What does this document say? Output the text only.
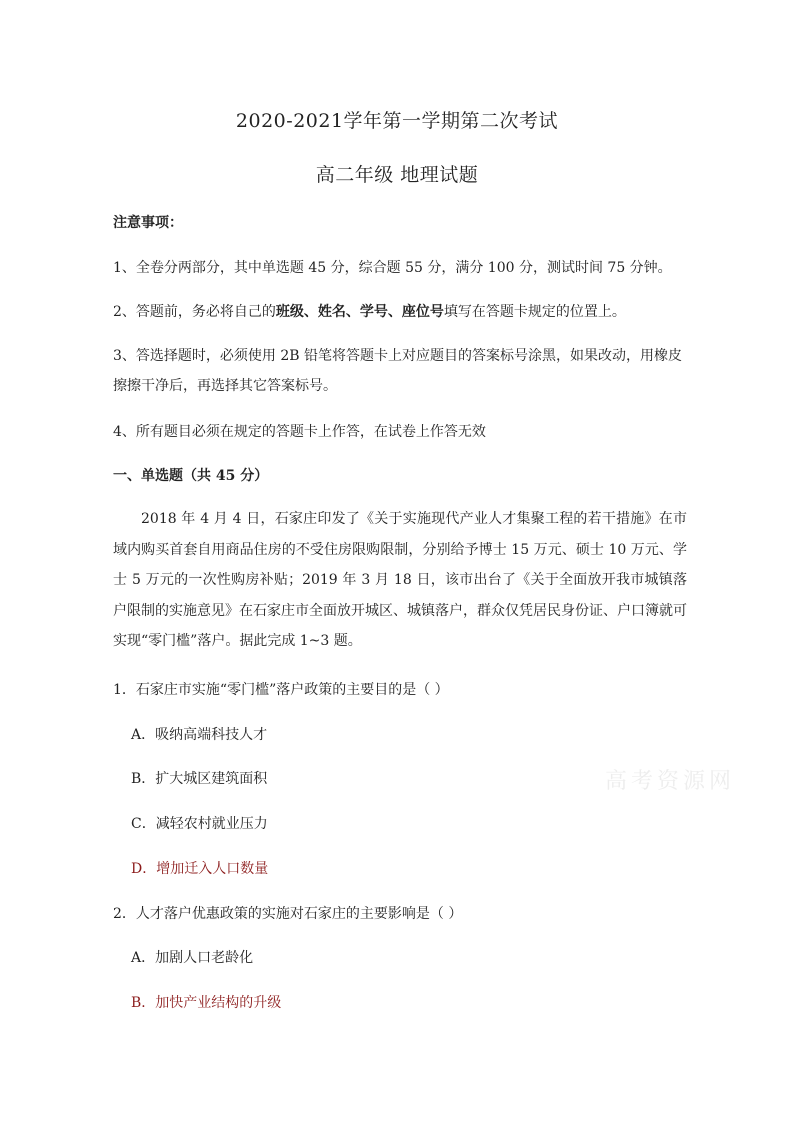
2020-2021学年第一学期第二次考试
高二年级 地理试题
注意事项：
1、全卷分两部分，其中单选题 45 分，综合题 55 分，满分 100 分，测试时间 75 分钟。
2、答题前，务必将自己的班级、姓名、学号、座位号填写在答题卡规定的位置上。
3、答选择题时，必须使用 2B 铅笔将答题卡上对应题目的答案标号涂黑，如果改动，用橡皮擦擦干净后，再选择其它答案标号。
4、所有题目必须在规定的答题卡上作答，在试卷上作答无效
一、单选题（共 45 分）
2018 年 4 月 4 日，石家庄印发了《关于实施现代产业人才集聚工程的若干措施》在市域内购买首套自用商品住房的不受住房限购限制，分别给予博士 15 万元、硕士 10 万元、学士 5 万元的一次性购房补贴；2019 年 3 月 18 日，该市出台了《关于全面放开我市城镇落户限制的实施意见》在石家庄市全面放开城区、城镇落户，群众仅凭居民身份证、户口簿就可实现“零门槛”落户。据此完成 1~3 题。
1．石家庄市实施“零门槛”落户政策的主要目的是（ ）
A．吸纳高端科技人才
B．扩大城区建筑面积
C．减轻农村就业压力
D．增加迁入人口数量
2．人才落户优惠政策的实施对石家庄的主要影响是（ ）
A．加剧人口老龄化
B．加快产业结构的升级
高考资源网
